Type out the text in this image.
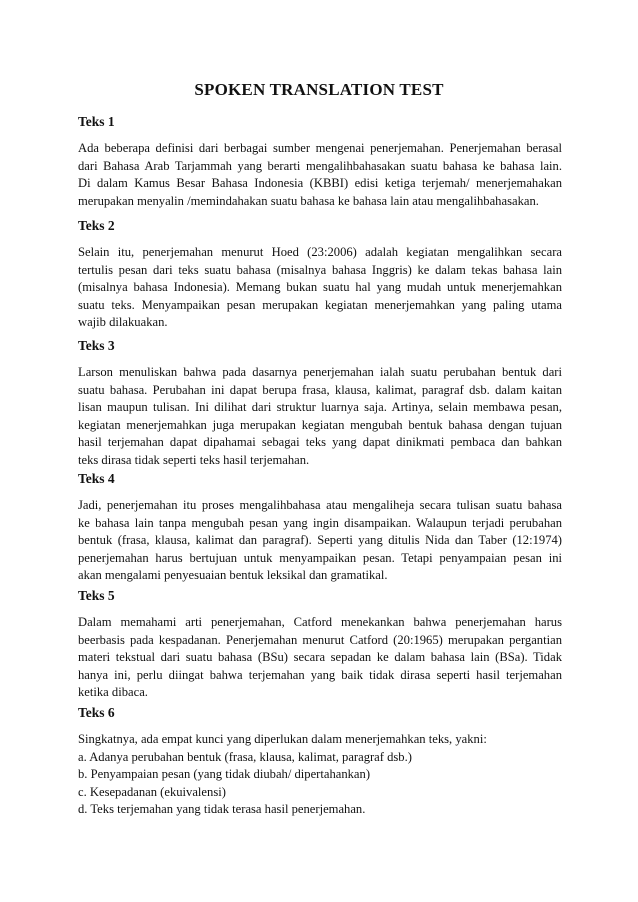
SPOKEN TRANSLATION TEST
Teks 1
Ada beberapa definisi dari berbagai sumber mengenai penerjemahan. Penerjemahan berasal
dari Bahasa Arab Tarjammah yang berarti mengalihbahasakan suatu bahasa ke bahasa lain.
Di dalam Kamus Besar Bahasa Indonesia (KBBI) edisi ketiga terjemah/ menerjemahakan
merupakan menyalin /memindahakan suatu bahasa ke bahasa lain atau mengalihbahasakan.
Teks 2
Selain itu, penerjemahan menurut Hoed (23:2006) adalah kegiatan mengalihkan secara
tertulis pesan dari teks suatu bahasa (misalnya bahasa Inggris) ke dalam tekas bahasa lain
(misalnya bahasa Indonesia). Memang bukan suatu hal yang mudah untuk menerjemahkan
suatu teks. Menyampaikan pesan merupakan kegiatan menerjemahkan yang paling utama
wajib dilakuakan.
Teks 3
Larson menuliskan bahwa pada dasarnya penerjemahan ialah suatu perubahan bentuk dari
suatu bahasa. Perubahan ini dapat berupa frasa, klausa, kalimat, paragraf dsb. dalam kaitan
lisan maupun tulisan. Ini dilihat dari struktur luarnya saja. Artinya, selain membawa pesan,
kegiatan menerjemahkan juga merupakan kegiatan mengubah bentuk bahasa dengan tujuan
hasil terjemahan dapat dipahamai sebagai teks yang dapat dinikmati pembaca dan bahkan
teks dirasa tidak seperti teks hasil terjemahan.
Teks 4
Jadi, penerjemahan itu proses mengalihbahasa atau mengaliheja secara tulisan suatu bahasa
ke bahasa lain tanpa mengubah pesan yang ingin disampaikan. Walaupun terjadi perubahan
bentuk (frasa, klausa, kalimat dan paragraf). Seperti yang ditulis Nida dan Taber (12:1974)
penerjemahan harus bertujuan untuk menyampaikan pesan. Tetapi penyampaian pesan ini
akan mengalami penyesuaian bentuk leksikal dan gramatikal.
Teks 5
Dalam memahami arti penerjemahan, Catford menekankan bahwa penerjemahan harus
beerbasis pada kespadanan. Penerjemahan menurut Catford (20:1965) merupakan pergantian
materi tekstual dari suatu bahasa (BSu) secara sepadan ke dalam bahasa lain (BSa). Tidak
hanya ini, perlu diingat bahwa terjemahan yang baik tidak dirasa seperti hasil terjemahan
ketika dibaca.
Teks 6
Singkatnya, ada empat kunci yang diperlukan dalam menerjemahkan teks, yakni:
a. Adanya perubahan bentuk (frasa, klausa, kalimat, paragraf dsb.)
b. Penyampaian pesan (yang tidak diubah/ dipertahankan)
c. Kesepadanan (ekuivalensi)
d. Teks terjemahan yang tidak terasa hasil penerjemahan.
